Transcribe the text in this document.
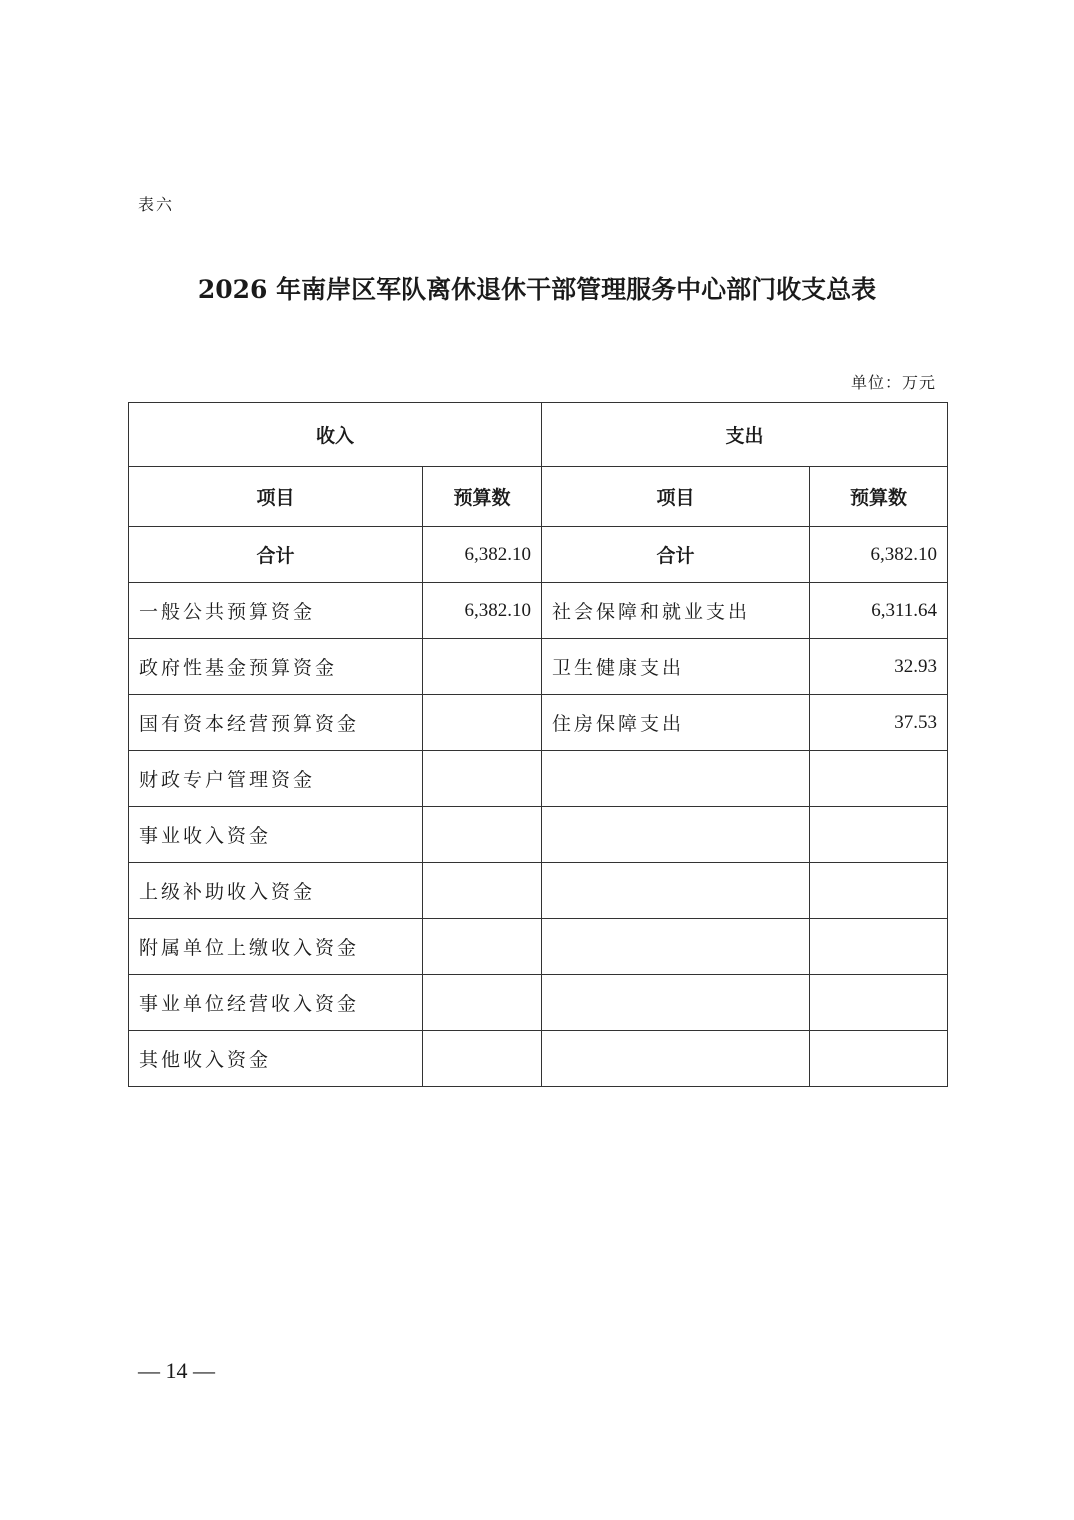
表六
2026 年南岸区军队离休退休干部管理服务中心部门收支总表
单位：万元
收入		支出	
项目	预算数	项目	预算数
合计	6,382.10	合计	6,382.10
一般公共预算资金	6,382.10	社会保障和就业支出	6,311.64
政府性基金预算资金		卫生健康支出	32.93
国有资本经营预算资金		住房保障支出	37.53
财政专户管理资金			
事业收入资金			
上级补助收入资金			
附属单位上缴收入资金			
事业单位经营收入资金			
其他收入资金			
— 14 —
